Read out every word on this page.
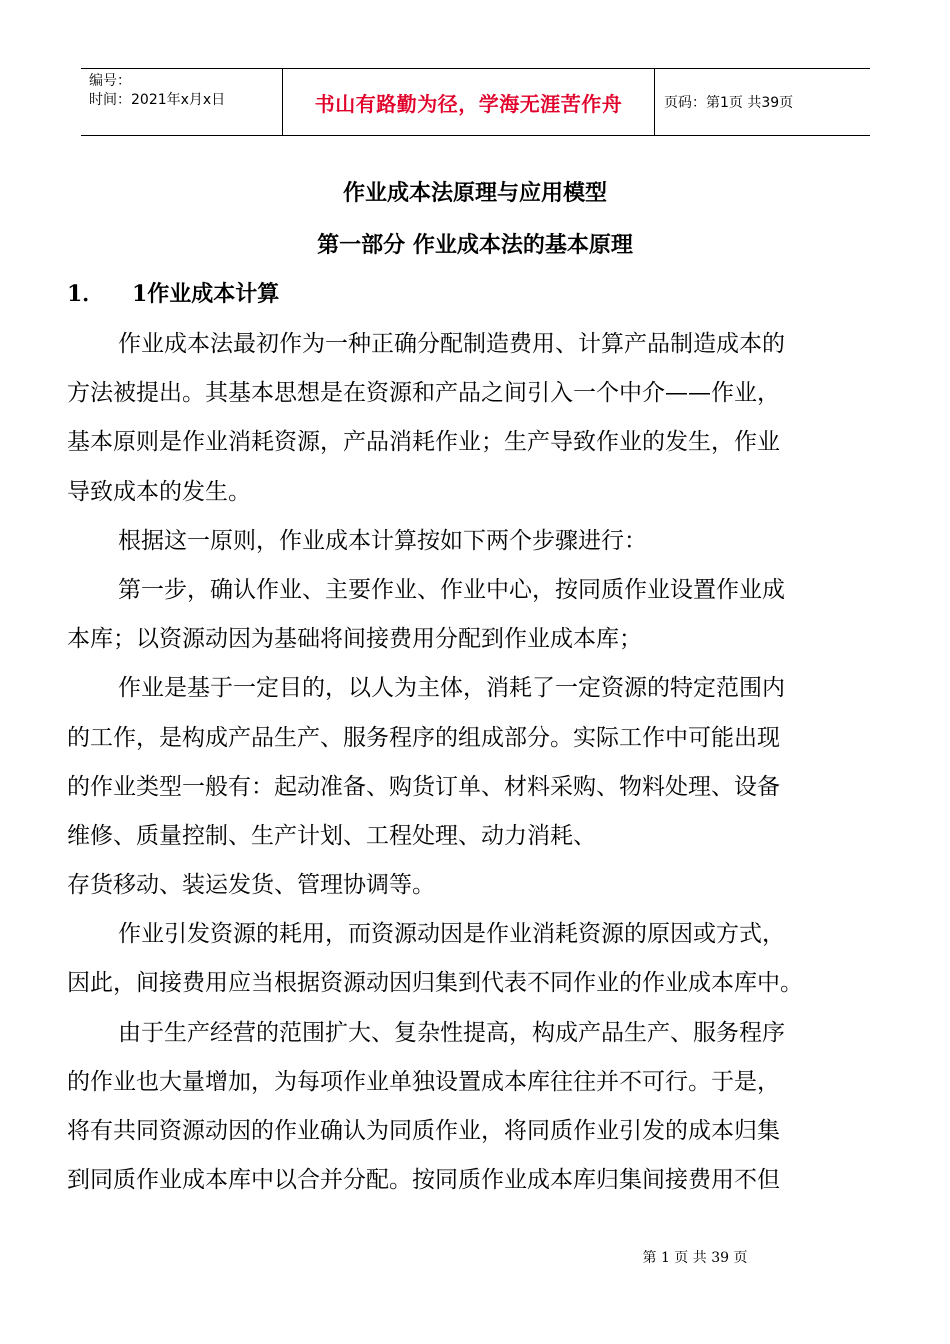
编号：
时间：2021年x月x日	书山有路勤为径，学海无涯苦作舟	页码：第1页 共39页
作业成本法原理与应用模型
第一部分 作业成本法的基本原理
1． 1作业成本计算
作业成本法最初作为一种正确分配制造费用、计算产品制造成本的
方法被提出。其基本思想是在资源和产品之间引入一个中介——作业，
基本原则是作业消耗资源，产品消耗作业；生产导致作业的发生，作业
导致成本的发生。
根据这一原则，作业成本计算按如下两个步骤进行：
第一步，确认作业、主要作业、作业中心，按同质作业设置作业成
本库；以资源动因为基础将间接费用分配到作业成本库；
作业是基于一定目的，以人为主体，消耗了一定资源的特定范围内
的工作，是构成产品生产、服务程序的组成部分。实际工作中可能出现
的作业类型一般有：起动准备、购货订单、材料采购、物料处理、设备
维修、质量控制、生产计划、工程处理、动力消耗、
存货移动、装运发货、管理协调等。
作业引发资源的耗用，而资源动因是作业消耗资源的原因或方式，
因此，间接费用应当根据资源动因归集到代表不同作业的作业成本库中。
由于生产经营的范围扩大、复杂性提高，构成产品生产、服务程序
的作业也大量增加，为每项作业单独设置成本库往往并不可行。于是，
将有共同资源动因的作业确认为同质作业，将同质作业引发的成本归集
到同质作业成本库中以合并分配。按同质作业成本库归集间接费用不但
第 1 页 共 39 页
